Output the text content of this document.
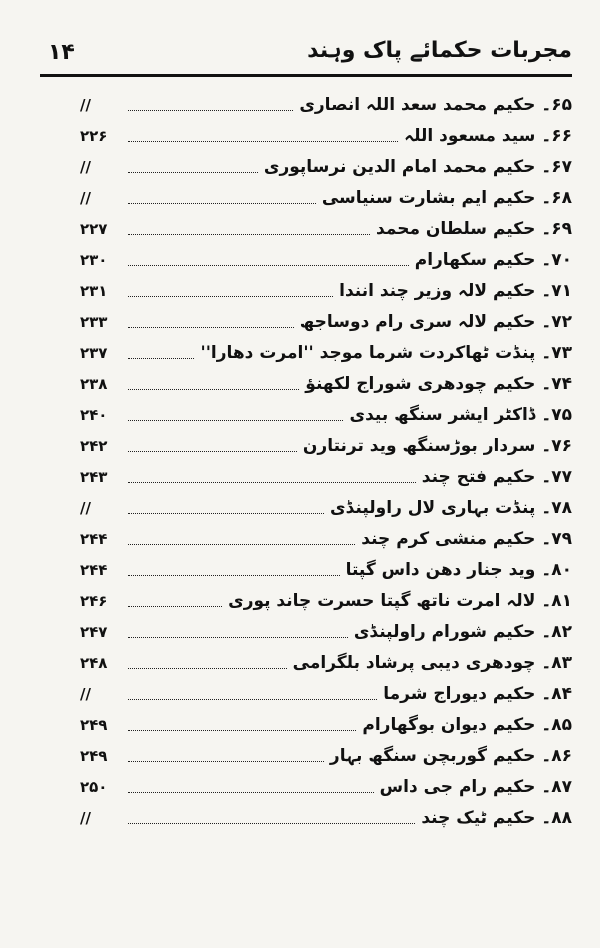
۱۴	مجربات حکمائے پاک وہند
۶۵۔ حکیم محمد سعد اللہ انصاری
//
۶۶۔ سید مسعود اللہ
۲۲۶
۶۷۔ حکیم محمد امام الدین نرساپوری
//
۶۸۔ حکیم ایم بشارت سنیاسی
//
۶۹۔ حکیم سلطان محمد
۲۲۷
۷۰۔ حکیم سکھارام
۲۳۰
۷۱۔ حکیم لالہ وزیر چند انندا
۲۳۱
۷۲۔ حکیم لالہ سری رام دوساجھ
۲۳۳
۷۳۔ پنڈت ٹھاکردت شرما موجد ''امرت دھارا''
۲۳۷
۷۴۔ حکیم چودھری شوراج لکھنؤ
۲۳۸
۷۵۔ ڈاکٹر ایشر سنگھ بیدی
۲۴۰
۷۶۔ سردار بوڑسنگھ وید ترنتارن
۲۴۲
۷۷۔ حکیم فتح چند
۲۴۳
۷۸۔ پنڈت بہاری لال راولپنڈی
//
۷۹۔ حکیم منشی کرم چند
۲۴۴
۸۰۔ وید جنار دھن داس گپتا
۲۴۴
۸۱۔ لالہ امرت ناتھ گپتا حسرت چاند پوری
۲۴۶
۸۲۔ حکیم شورام راولپنڈی
۲۴۷
۸۳۔ چودھری دیبی پرشاد بلگرامی
۲۴۸
۸۴۔ حکیم دیوراج شرما
//
۸۵۔ حکیم دیوان بوگھارام
۲۴۹
۸۶۔ حکیم گوربچن سنگھ بہار
۲۴۹
۸۷۔ حکیم رام جی داس
۲۵۰
۸۸۔ حکیم ٹیک چند
//
